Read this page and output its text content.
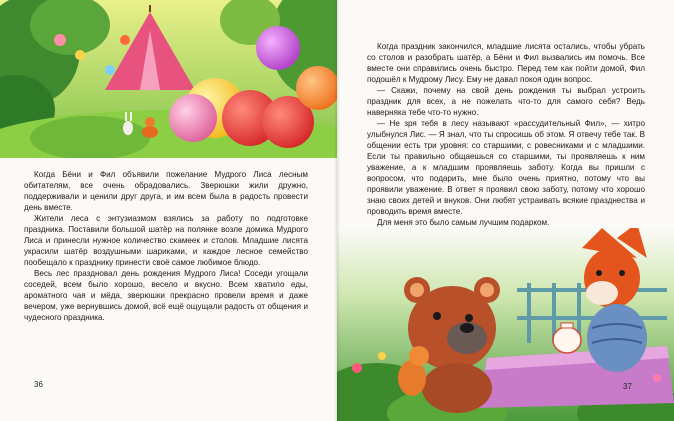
Когда Бёни и Фил объявили пожелание Мудрого Лиса лесным обитателям, все очень обрадовались. Зверюшки жили дружно, поддерживали и ценили друг друга, и им всем была в радость провести день вместе.

Жители леса с энтузиазмом взялись за работу по подготовке праздника. Поставили большой шатёр на полянке возле домика Мудрого Лиса и принесли нужное количество скамеек и столов. Младшие лисята украсили шатёр воздушными шариками, и каждое лесное семейство пообещало к празднику принести своё самое любимое блюдо.

Весь лес праздновал день рождения Мудрого Лиса! Соседи угощали соседей, всем было хорошо, весело и вкусно. Всем хватило еды, ароматного чая и мёда, зверюшки прекрасно провели время и даже вечером, уже вернувшись домой, всё ещё ощущали радость от общения и чудесного праздника.

36

Когда праздник закончился, младшие лисята остались, чтобы убрать со столов и разобрать шатёр, а Бёни и Фил вызвались им помочь. Все вместе они справились очень быстро. Перед тем как пойти домой, Фил подошёл к Мудрому Лису. Ему не давал покоя один вопрос.

— Скажи, почему на свой день рождения ты выбрал устроить праздник для всех, а не пожелать что-то для самого себя? Ведь наверняка тебе что-то нужно.

— Не зря тебя в лесу называют «рассудительный Фил», — хитро улыбнулся Лис. — Я знал, что ты спросишь об этом. Я отвечу тебе так. В общении есть три уровня: со старшими, с ровесниками и с младшими. Если ты правильно общаешься со старшими, ты проявляешь к ним уважение, а к младшим проявляешь заботу. Когда вы пришли с вопросом, что подарить, мне было очень приятно, потому что вы проявили уважение. В ответ я проявил свою заботу, потому что хорошо знаю своих детей и внуков. Они любят устраивать всякие празднества и проводить время вместе.

Для меня это было самым лучшим подарком.

37
